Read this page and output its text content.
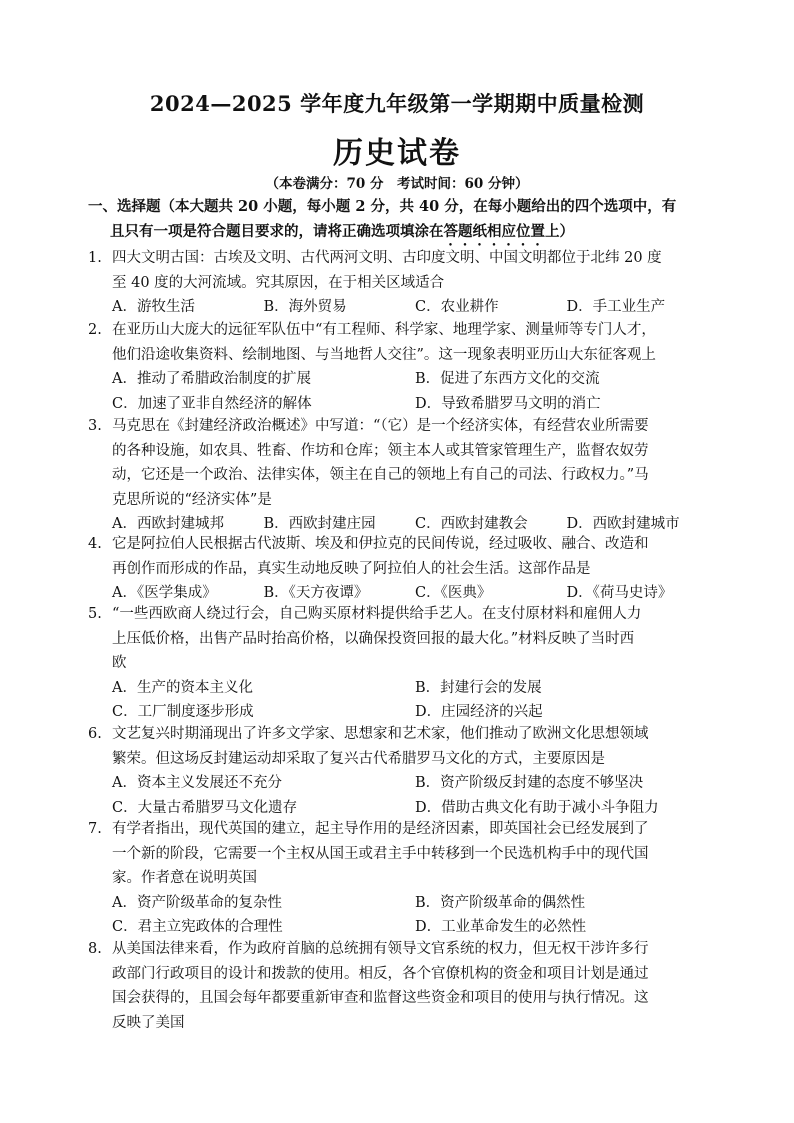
2024—2025 学年度九年级第一学期期中质量检测
历史试卷
（本卷满分：70 分　考试时间：60 分钟）
一、选择题（本大题共 20 小题，每小题 2 分，共 40 分，在每小题给出的四个选项中，有
且只有一项是符合题目要求的，请将正确选项填涂在答题纸相应位置上）
1. 四大文明古国：古埃及文明、古代两河文明、古印度文明、中国文明都位于北纬 20 度
至 40 度的大河流域。究其原因，在于相关区域适合
A．游牧生活	B．海外贸易	C．农业耕作	D．手工业生产
2. 在亚历山大庞大的远征军队伍中“有工程师、科学家、地理学家、测量师等专门人才，
他们沿途收集资料、绘制地图、与当地哲人交往”。这一现象表明亚历山大东征客观上
A．推动了希腊政治制度的扩展	B．促进了东西方文化的交流
C．加速了亚非自然经济的解体	D．导致希腊罗马文明的消亡
3. 马克思在《封建经济政治概述》中写道：“（它）是一个经济实体，有经营农业所需要
的各种设施，如农具、牲畜、作坊和仓库；领主本人或其管家管理生产，监督农奴劳
动，它还是一个政治、法律实体，领主在自己的领地上有自己的司法、行政权力。”马
克思所说的“经济实体”是
A．西欧封建城邦	B．西欧封建庄园	C．西欧封建教会	D．西欧封建城市
4. 它是阿拉伯人民根据古代波斯、埃及和伊拉克的民间传说，经过吸收、融合、改造和
再创作而形成的作品，真实生动地反映了阿拉伯人的社会生活。这部作品是
A．《医学集成》	B．《天方夜谭》	C．《医典》	D．《荷马史诗》
5. “一些西欧商人绕过行会，自己购买原材料提供给手艺人。在支付原材料和雇佣人力
上压低价格，出售产品时抬高价格，以确保投资回报的最大化。”材料反映了当时西
欧
A．生产的资本主义化	B．封建行会的发展
C．工厂制度逐步形成	D．庄园经济的兴起
6. 文艺复兴时期涌现出了许多文学家、思想家和艺术家，他们推动了欧洲文化思想领域
繁荣。但这场反封建运动却采取了复兴古代希腊罗马文化的方式，主要原因是
A．资本主义发展还不充分	B．资产阶级反封建的态度不够坚决
C．大量古希腊罗马文化遗存	D．借助古典文化有助于减小斗争阻力
7. 有学者指出，现代英国的建立，起主导作用的是经济因素，即英国社会已经发展到了
一个新的阶段，它需要一个主权从国王或君主手中转移到一个民选机构手中的现代国
家。作者意在说明英国
A．资产阶级革命的复杂性	B．资产阶级革命的偶然性
C．君主立宪政体的合理性	D．工业革命发生的必然性
8. 从美国法律来看，作为政府首脑的总统拥有领导文官系统的权力，但无权干涉许多行
政部门行政项目的设计和拨款的使用。相反，各个官僚机构的资金和项目计划是通过
国会获得的，且国会每年都要重新审查和监督这些资金和项目的使用与执行情况。这
反映了美国
